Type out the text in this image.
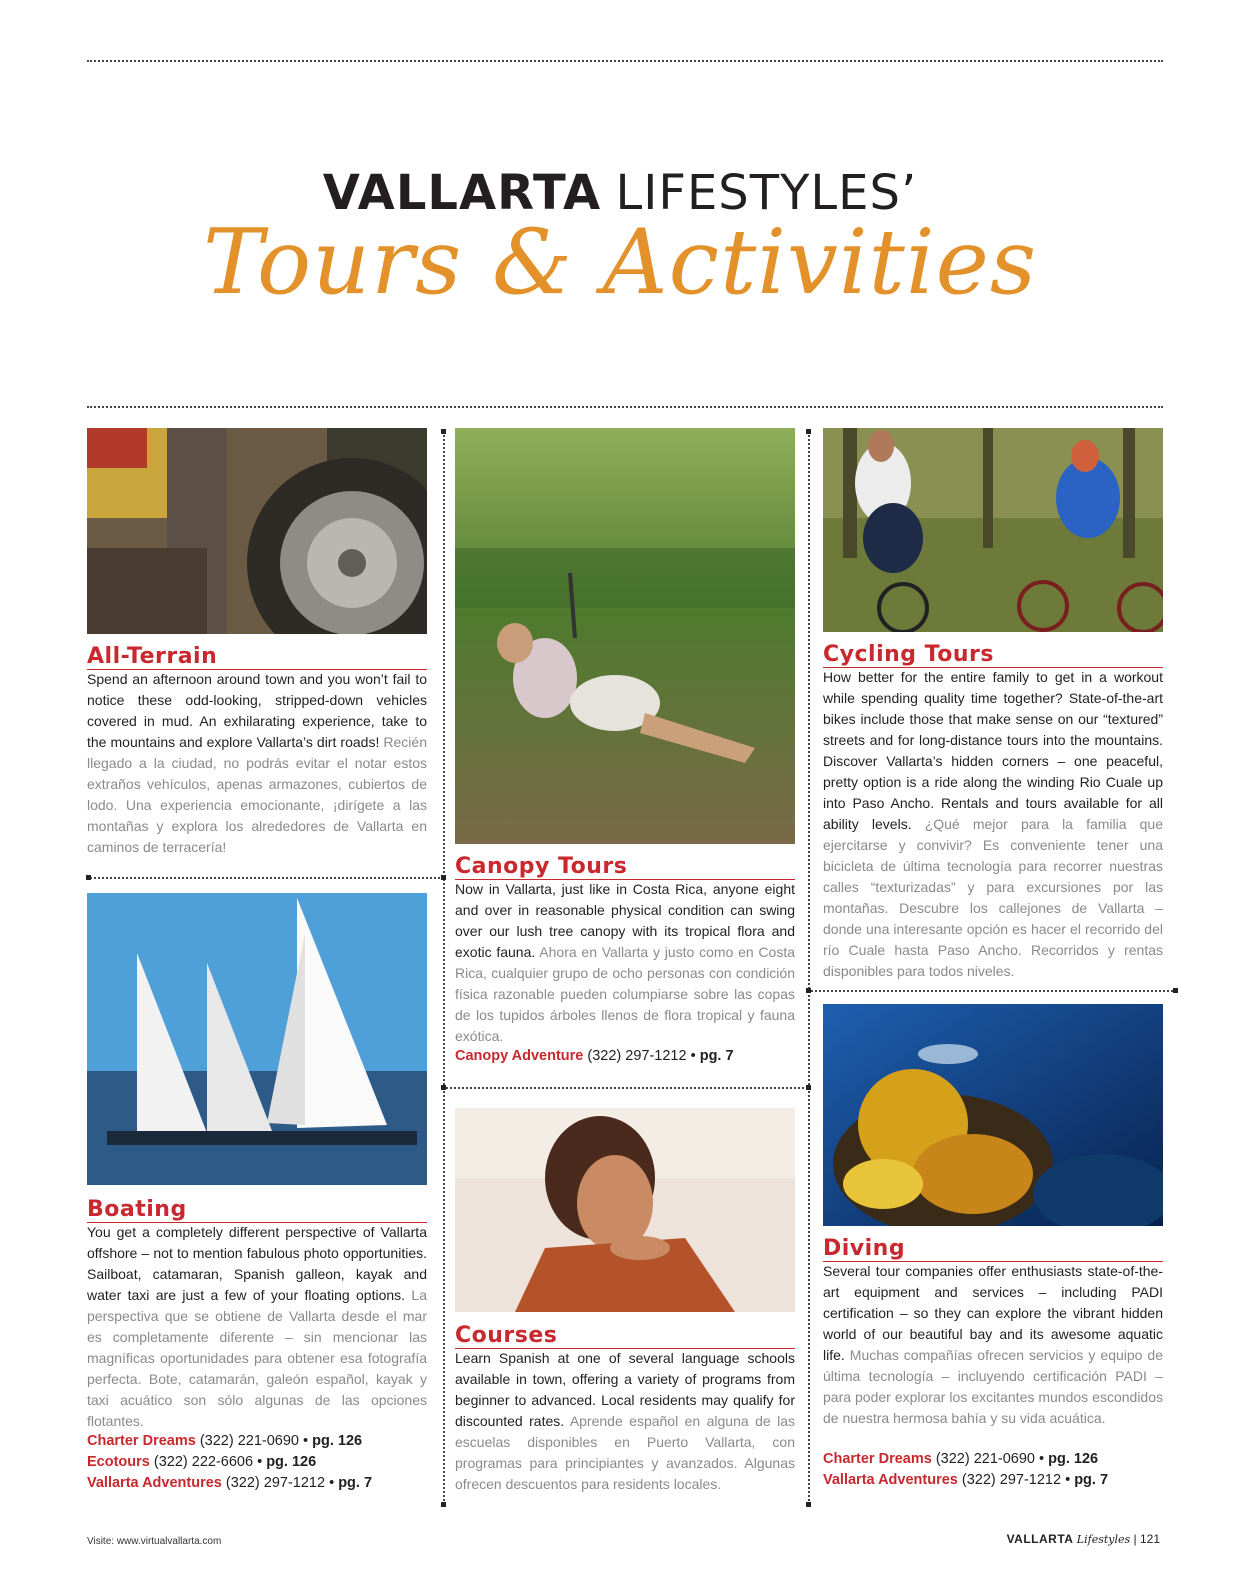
VALLARTA LIFESTYLES’
Tours & Activities
All-Terrain
Spend an afternoon around town and you won’t fail to notice these odd-looking, stripped-down vehicles covered in mud. An exhilarating experience, take to the mountains and explore Vallarta’s dirt roads! Recién llegado a la ciudad, no podrás evitar el notar estos extraños vehículos, apenas armazones, cubiertos de lodo. Una experiencia emocionante, ¡dirígete a las montañas y explora los alrededores de Vallarta en caminos de terracería!
Boating
You get a completely different perspective of Vallarta offshore – not to mention fabulous photo opportunities. Sailboat, catamaran, Spanish galleon, kayak and water taxi are just a few of your floating options. La perspectiva que se obtiene de Vallarta desde el mar es completamente diferente – sin mencionar las magníficas oportunidades para obtener esa fotografía perfecta. Bote, catamarán, galeón español, kayak y taxi acuático son sólo algunas de las opciones flotantes.
Charter Dreams (322) 221-0690 • pg. 126
Ecotours (322) 222-6606 • pg. 126
Vallarta Adventures (322) 297-1212 • pg. 7
Canopy Tours
Now in Vallarta, just like in Costa Rica, anyone eight and over in reasonable physical condition can swing over our lush tree canopy with its tropical flora and exotic fauna. Ahora en Vallarta y justo como en Costa Rica, cualquier grupo de ocho personas con condición física razonable pueden columpiarse sobre las copas de los tupidos árboles llenos de flora tropical y fauna exótica.
Canopy Adventure (322) 297-1212 • pg. 7
Courses
Learn Spanish at one of several language schools available in town, offering a variety of programs from beginner to advanced. Local residents may qualify for discounted rates. Aprende español en alguna de las escuelas disponibles en Puerto Vallarta, con programas para principiantes y avanzados. Algunas ofrecen descuentos para residents locales.
Cycling Tours
How better for the entire family to get in a workout while spending quality time together? State-of-the-art bikes include those that make sense on our “textured” streets and for long-distance tours into the mountains. Discover Vallarta’s hidden corners – one peaceful, pretty option is a ride along the winding Rio Cuale up into Paso Ancho. Rentals and tours available for all ability levels. ¿Qué mejor para la familia que ejercitarse y convivir? Es conveniente tener una bicicleta de última tecnología para recorrer nuestras calles “texturizadas” y para excursiones por las montañas. Descubre los callejones de Vallarta – donde una interesante opción es hacer el recorrido del río Cuale hasta Paso Ancho. Recorridos y rentas disponibles para todos niveles.
Diving
Several tour companies offer enthusiasts state-of-the-art equipment and services – including PADI certification – so they can explore the vibrant hidden world of our beautiful bay and its awesome aquatic life. Muchas compañías ofrecen servicios y equipo de última tecnología – incluyendo certificación PADI – para poder explorar los excitantes mundos escondidos de nuestra hermosa bahía y su vida acuática.
Charter Dreams (322) 221-0690 • pg. 126
Vallarta Adventures (322) 297-1212 • pg. 7
Visite: www.virtualvallarta.com	VALLARTA Lifestyles | 121
